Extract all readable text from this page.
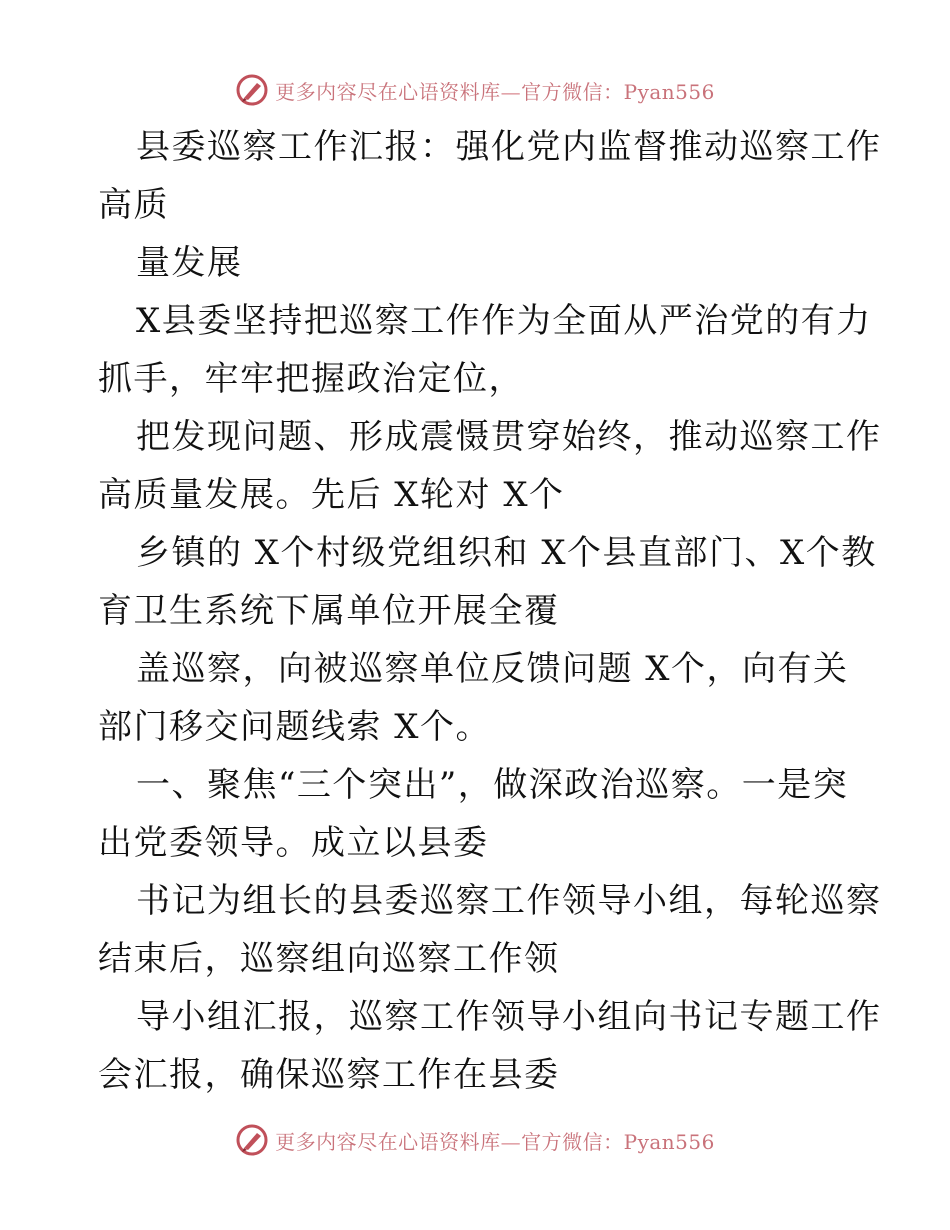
更多内容尽在心语资料库—官方微信：Pyan556
县委巡察工作汇报：强化党内监督推动巡察工作
高质
量发展
X县委坚持把巡察工作作为全面从严治党的有力
抓手，牢牢把握政治定位，
把发现问题、形成震慑贯穿始终，推动巡察工作
高质量发展。先后 X轮对 X个
乡镇的 X个村级党组织和 X个县直部门、X个教
育卫生系统下属单位开展全覆
盖巡察，向被巡察单位反馈问题 X个，向有关
部门移交问题线索 X个。
一、聚焦“三个突出”，做深政治巡察。一是突
出党委领导。成立以县委
书记为组长的县委巡察工作领导小组，每轮巡察
结束后，巡察组向巡察工作领
导小组汇报，巡察工作领导小组向书记专题工作
会汇报，确保巡察工作在县委
更多内容尽在心语资料库—官方微信：Pyan556
